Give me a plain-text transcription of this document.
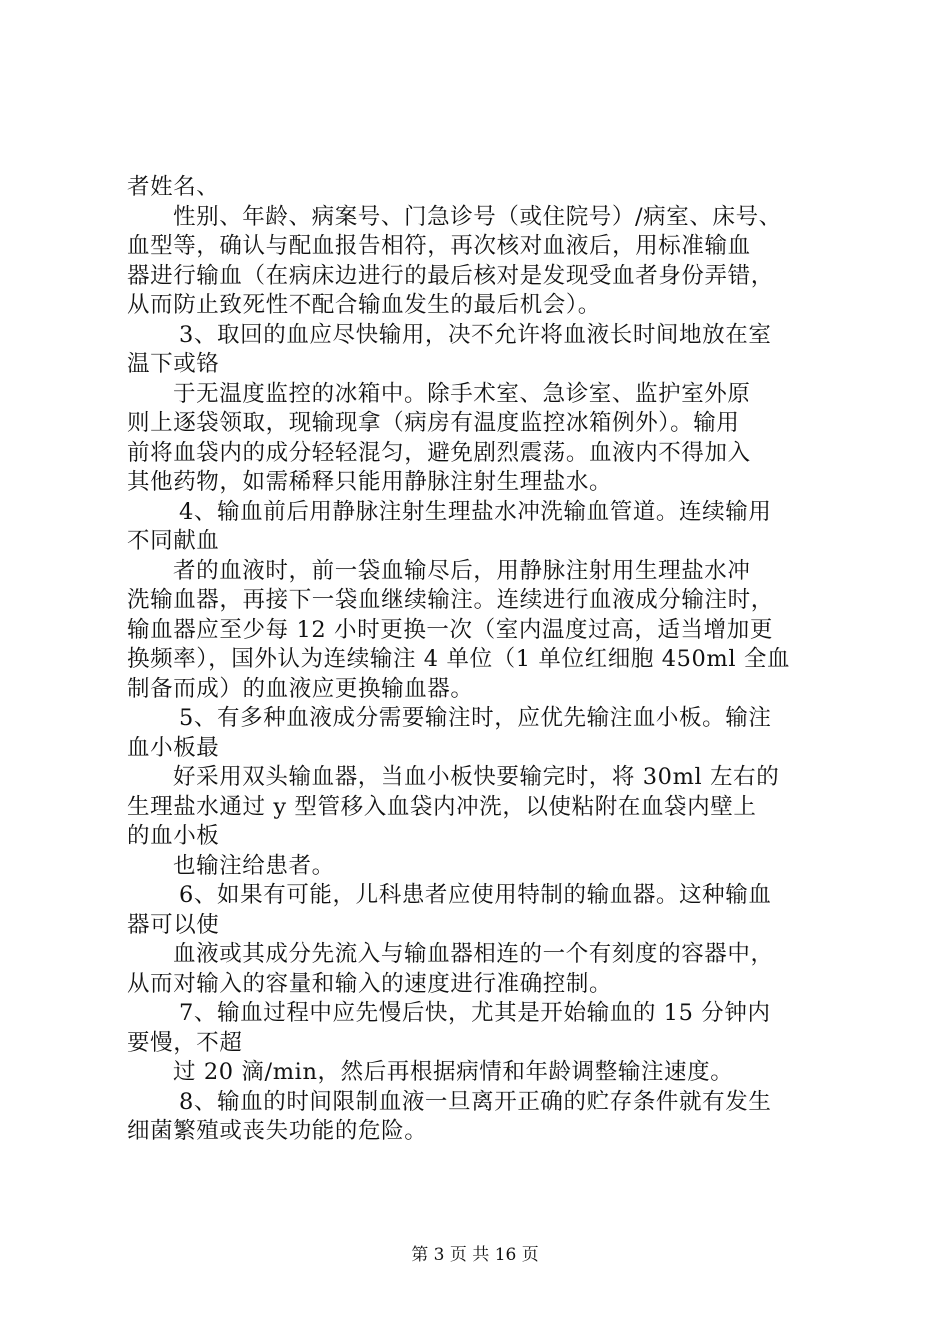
者姓名、
性别、年龄、病案号、门急诊号（或住院号）/病室、床号、
血型等，确认与配血报告相符，再次核对血液后，用标准输血
器进行输血（在病床边进行的最后核对是发现受血者身份弄错，
从而防止致死性不配合输血发生的最后机会）。
3、取回的血应尽快输用，决不允许将血液长时间地放在室
温下或铬
于无温度监控的冰箱中。除手术室、急诊室、监护室外原
则上逐袋领取，现输现拿（病房有温度监控冰箱例外）。输用
前将血袋内的成分轻轻混匀，避免剧烈震荡。血液内不得加入
其他药物，如需稀释只能用静脉注射生理盐水。
4、输血前后用静脉注射生理盐水冲洗输血管道。连续输用
不同献血
者的血液时，前一袋血输尽后，用静脉注射用生理盐水冲
洗输血器，再接下一袋血继续输注。连续进行血液成分输注时，
输血器应至少每 12 小时更换一次（室内温度过高，适当增加更
换频率），国外认为连续输注 4 单位（1 单位红细胞 450ml 全血
制备而成）的血液应更换输血器。
5、有多种血液成分需要输注时，应优先输注血小板。输注
血小板最
好采用双头输血器，当血小板快要输完时，将 30ml 左右的
生理盐水通过 y 型管移入血袋内冲洗，以使粘附在血袋内壁上
的血小板
也输注给患者。
6、如果有可能，儿科患者应使用特制的输血器。这种输血
器可以使
血液或其成分先流入与输血器相连的一个有刻度的容器中，
从而对输入的容量和输入的速度进行准确控制。
7、输血过程中应先慢后快，尤其是开始输血的 15 分钟内
要慢，不超
过 20 滴/min，然后再根据病情和年龄调整输注速度。
8、输血的时间限制血液一旦离开正确的贮存条件就有发生
细菌繁殖或丧失功能的危险。
第 3 页 共 16 页
